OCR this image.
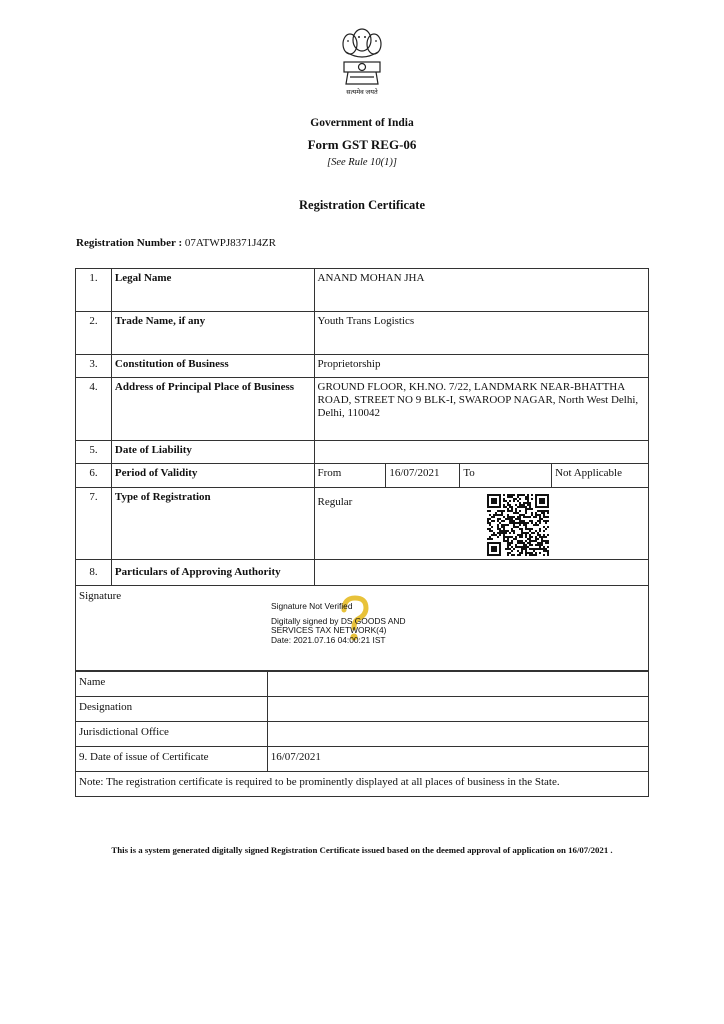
सत्यमेव जयते
Government of India
Form GST REG-06
[See Rule 10(1)]
Registration Certificate
Registration Number : 07ATWPJ8371J4ZR
1.	Legal Name	ANAND MOHAN JHA			
2.	Trade Name, if any	Youth Trans Logistics			
3.	Constitution of Business	Proprietorship			
4.	Address of Principal Place of Business	GROUND FLOOR, KH.NO. 7/22, LANDMARK NEAR-BHATTHA ROAD, STREET NO 9 BLK-I, SWAROOP NAGAR, North West Delhi, Delhi, 110042			
5.	Date of Liability				
6.	Period of Validity	From	16/07/2021	To	Not Applicable
7.	Type of Registration	Regular			
8.	Particulars of Approving Authority				
Signature
Signature Not Verified
Digitally signed by DS GOODS AND
SERVICES TAX NETWORK(4)
Date: 2021.07.16 04:00:21 IST
Name	
Designation	
Jurisdictional Office	
9. Date of issue of Certificate	16/07/2021
Note: The registration certificate is required to be prominently displayed at all places of business in the State.	
This is a system generated digitally signed Registration Certificate issued based on the deemed approval of application on 16/07/2021 .
